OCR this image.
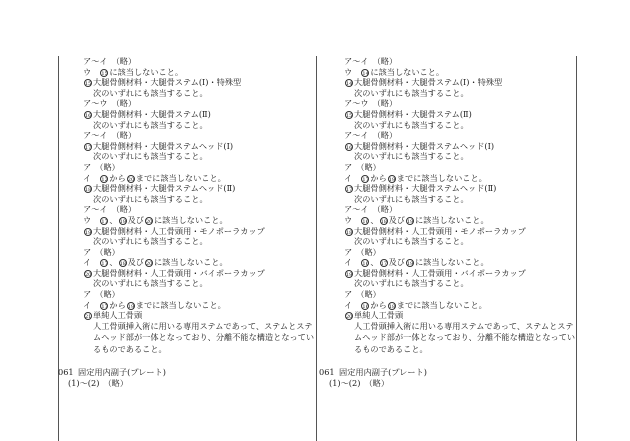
ア～イ　（略）
ウ　15 に該当しないこと。
15 大腿骨側材料・大腿骨ステム(Ⅰ)・特殊型
次のいずれにも該当すること。
ア～ウ　（略）
16 大腿骨側材料・大腿骨ステム(Ⅱ)
次のいずれにも該当すること。
ア～イ　（略）
17 大腿骨側材料・大腿骨ステムヘッド(Ⅰ)
次のいずれにも該当すること。
ア　（略）
イ　12 から 20 までに該当しないこと。
18 大腿骨側材料・大腿骨ステムヘッド(Ⅱ)
次のいずれにも該当すること。
ア～イ　（略）
ウ　17 、 19 及び 20 に該当しないこと。
19 大腿骨側材料・人工骨頭用・モノポーラカップ
次のいずれにも該当すること。
ア　（略）
イ　17 、 18 及び 20 に該当しないこと。
20 大腿骨側材料・人工骨頭用・バイポーラカップ
次のいずれにも該当すること。
ア　（略）
イ　17 から 19 までに該当しないこと。
21 単純人工骨頭
人工骨頭挿入術に用いる専用ステムであって、ステムとステムヘッド部が一体となっており、分離不能な構造となっているものであること。
061 固定用内副子(プレート)
(1)～(2)　（略）
ア～イ　（略）
ウ　14 に該当しないこと。
14 大腿骨側材料・大腿骨ステム(Ⅰ)・特殊型
次のいずれにも該当すること。
ア～ウ　（略）
15 大腿骨側材料・大腿骨ステム(Ⅱ)
次のいずれにも該当すること。
ア～イ　（略）
16 大腿骨側材料・大腿骨ステムヘッド(Ⅰ)
次のいずれにも該当すること。
ア　（略）
イ　17 から 19 までに該当しないこと。
17 大腿骨側材料・大腿骨ステムヘッド(Ⅱ)
次のいずれにも該当すること。
ア～イ　（略）
ウ　16 、 18 及び 19 に該当しないこと。
18 大腿骨側材料・人工骨頭用・モノポーラカップ
次のいずれにも該当すること。
ア　（略）
イ　16 、 17 及び 19 に該当しないこと。
19 大腿骨側材料・人工骨頭用・バイポーラカップ
次のいずれにも該当すること。
ア　（略）
イ　16 から 18 までに該当しないこと。
20 単純人工骨頭
人工骨頭挿入術に用いる専用ステムであって、ステムとステムヘッド部が一体となっており、分離不能な構造となっているものであること。
061 固定用内副子(プレート)
(1)～(2)　（略）
